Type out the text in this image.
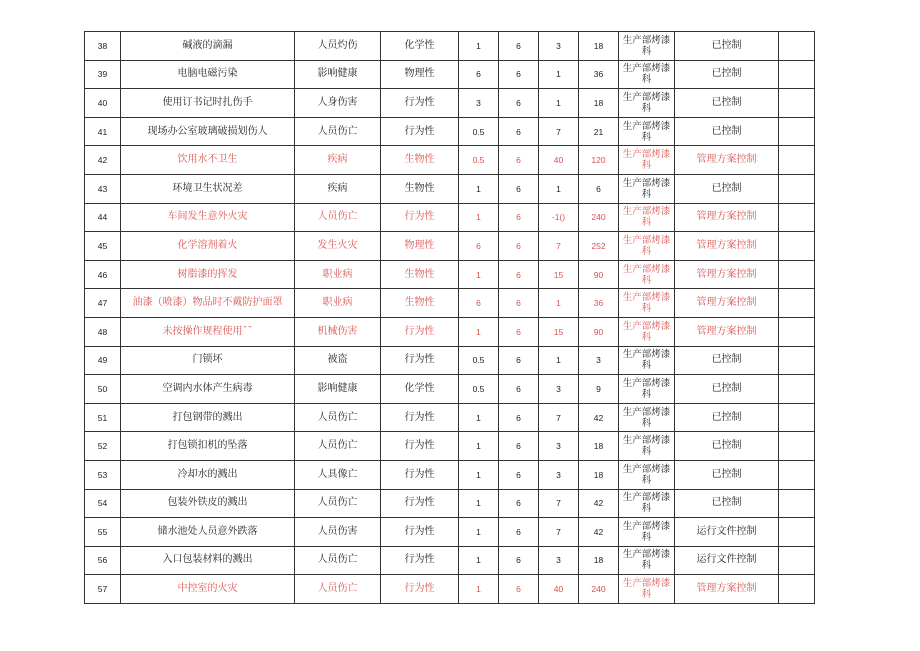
38	碱液的滴漏	人员灼伤	化学性	1	6	3	18	生产部烤漆科	已控制	
39	电脑电磁污染	影响健康	物理性	6	6	1	36	生产部烤漆科	已控制	
40	使用订书记时扎伤手	人身伤害	行为性	3	6	1	18	生产部烤漆科	已控制	
41	现场办公室玻璃破损划伤人	人员伤亡	行为性	0.5	6	7	21	生产部烤漆科	已控制	
42	饮用水不卫生	疾病	生物性	0.5	6	40	120	生产部烤漆科	管理方案控制	
43	环境卫生状况差	疾病	生物性	1	6	1	6	生产部烤漆科	已控制	
44	车间发生意外火灾	人员伤亡	行为性	1	6	-1()	240	生产部烤漆科	管理方案控制	
45	化学溶剂着火	发生火灾	物理性	6	6	7	252	生产部烤漆科	管理方案控制	
46	树脂漆的挥发	职业病	生物性	1	6	15	90	生产部烤漆科	管理方案控制	
47	油漆（喷漆）物品时不戴防护面罩	职业病	生物性	6	6	1	36	生产部烤漆科	管理方案控制	
48	未按操作规程使用¯¯	机械伤害	行为性	1	6	15	90	生产部烤漆科	管理方案控制	
49	门锁坏	被盗	行为性	0.5	6	1	3	生产部烤漆科	已控制	
50	空调内水体产生病毒	影响健康	化学性	0.5	6	3	9	生产部烤漆科	已控制	
51	打包钢带的溅出	人员伤亡	行为性	1	6	7	42	生产部烤漆科	已控制	
52	打包锁扣机的坠落	人员伤亡	行为性	1	6	3	18	生产部烤漆科	已控制	
53	冷却水的溅出	人具像亡	行为性	1	6	3	18	生产部烤漆科	已控制	
54	包装外铁皮的溅出	人员伤亡	行为性	1	6	7	42	生产部烤漆科	已控制	
55	储水池处人员意外跌落	人员伤害	行为性	1	6	7	42	生产部烤漆科	运行文件控制	
56	入口包装材料的溅出	人员伤亡	行为性	1	6	3	18	生产部烤漆科	运行文件控制	
57	中控室的火灾	人员伤亡	行为性	1	6	40	240	生产部烤漆科	管理方案控制	
